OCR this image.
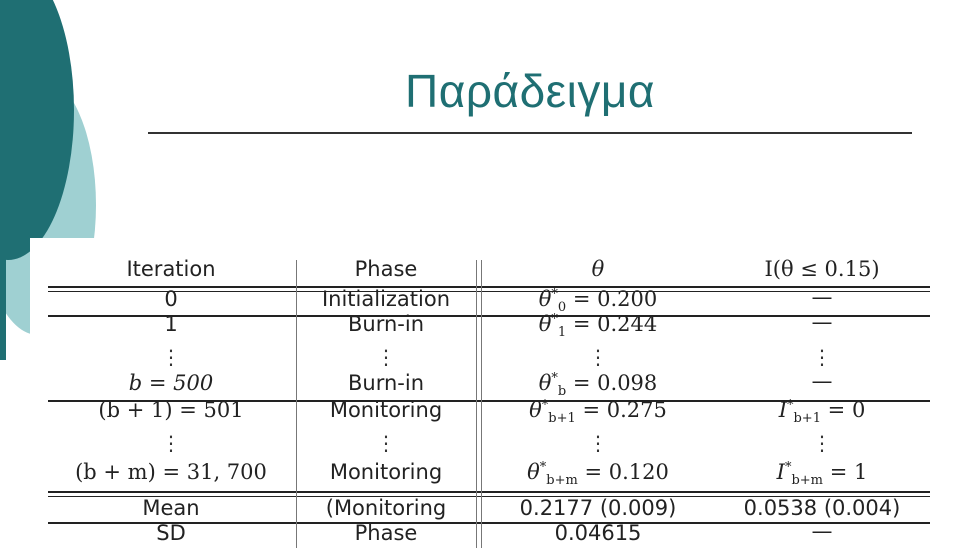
Παράδειγμα
Iteration	Phase	θ	I(θ ≤ 0.15)
0	Initialization	$\theta^*_0 = 0.200$	—
1	Burn-in	$\theta^*_1 = 0.244$	—
⋮	⋮	⋮	⋮
b = 500	Burn-in	$\theta^*_b = 0.098$	—
(b + 1) = 501	Monitoring	$\theta^*_{b+1} = 0.275$	$I^*_{b+1} = 0$
⋮	⋮	⋮	⋮
(b + m) = 31, 700	Monitoring	$\theta^*_{b+m} = 0.120$	$I^*_{b+m} = 1$
Mean	(Monitoring	0.2177 (0.009)	0.0538 (0.004)
SD	Phase	0.04615	—
